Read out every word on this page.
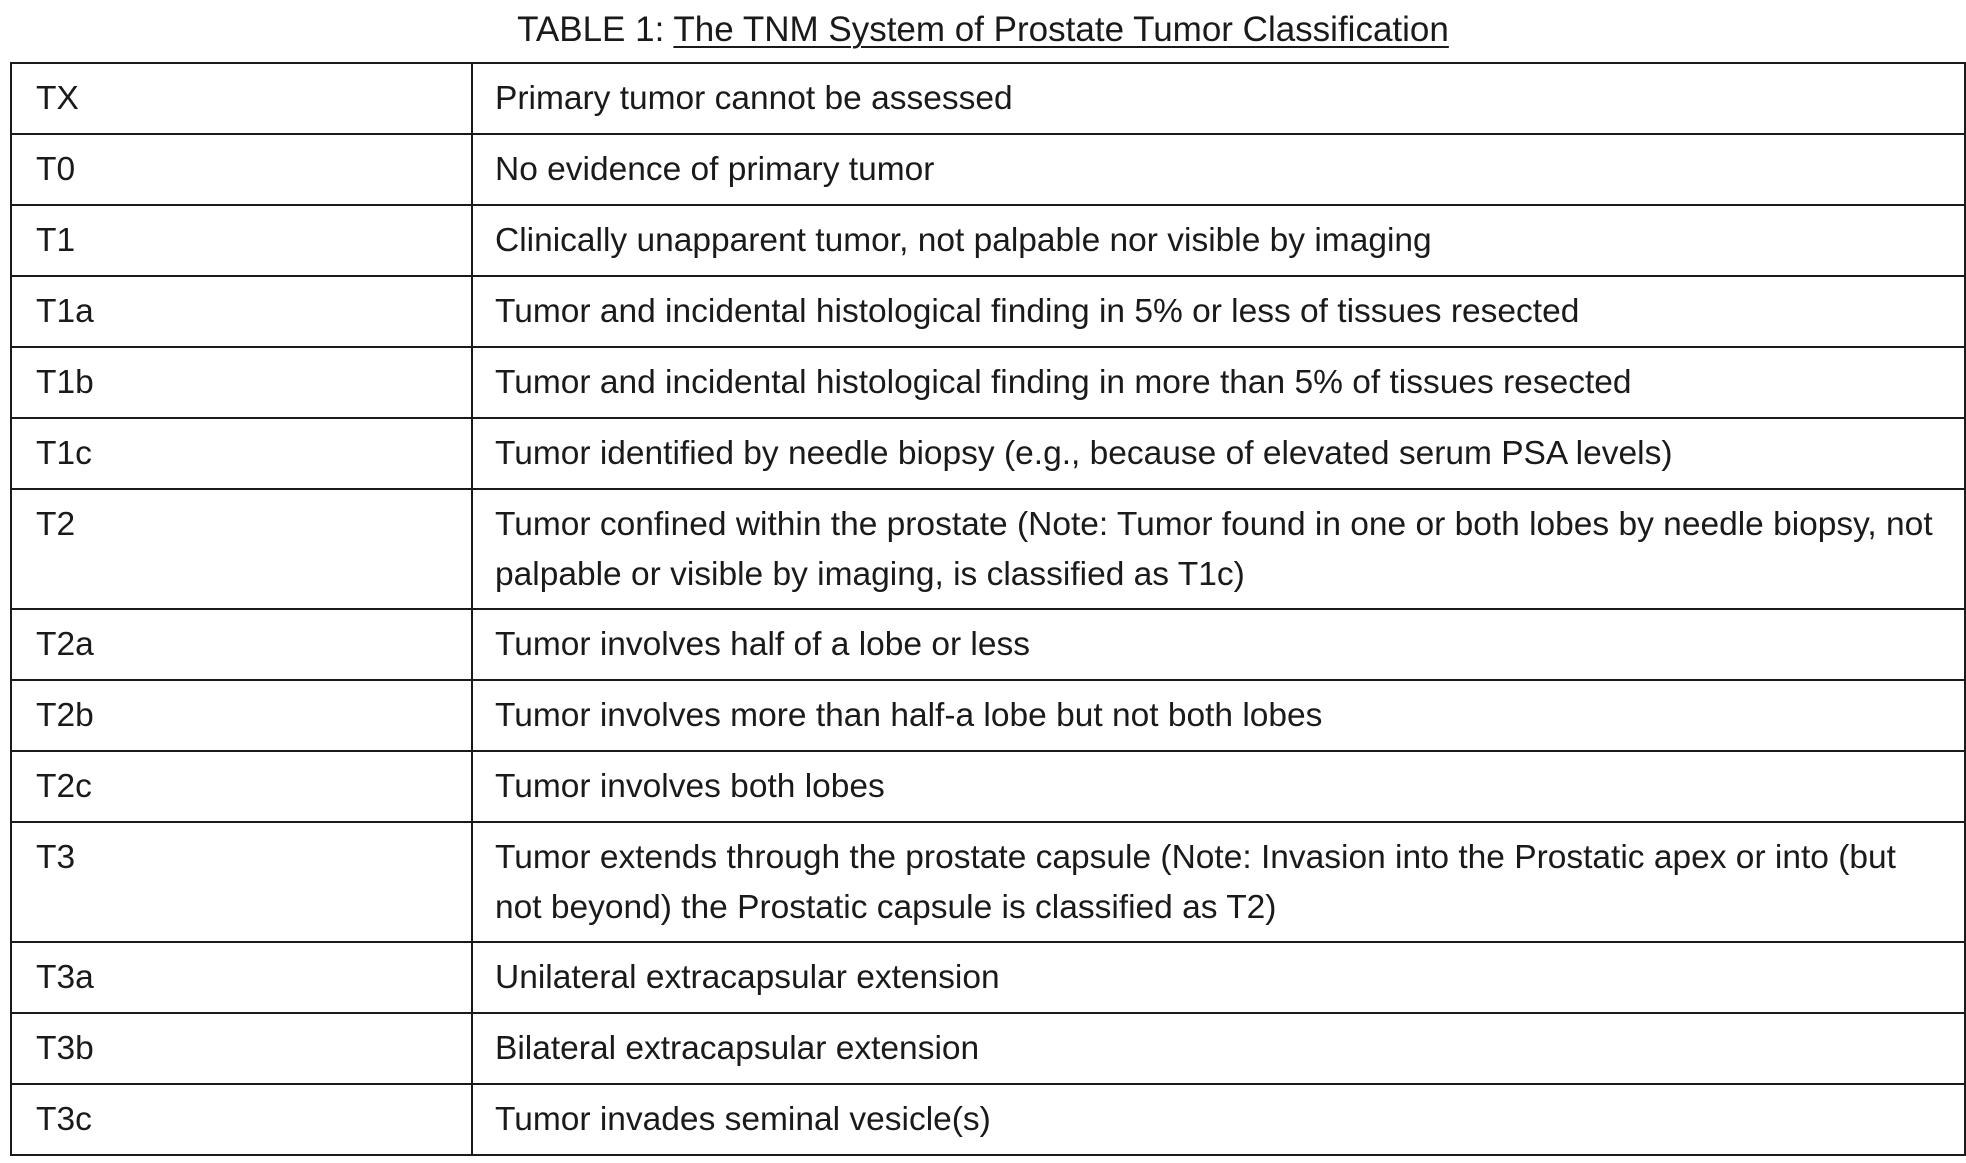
TABLE 1: The TNM System of Prostate Tumor Classification
TX	Primary tumor cannot be assessed
T0	No evidence of primary tumor
T1	Clinically unapparent tumor, not palpable nor visible by imaging
T1a	Tumor and incidental histological finding in 5% or less of tissues resected
T1b	Tumor and incidental histological finding in more than 5% of tissues resected
T1c	Tumor identified by needle biopsy (e.g., because of elevated serum PSA levels)
T2	Tumor confined within the prostate (Note: Tumor found in one or both lobes by needle biopsy, not palpable or visible by imaging, is classified as T1c)
T2a	Tumor involves half of a lobe or less
T2b	Tumor involves more than half-a lobe but not both lobes
T2c	Tumor involves both lobes
T3	Tumor extends through the prostate capsule (Note: Invasion into the Prostatic apex or into (but not beyond) the Prostatic capsule is classified as T2)
T3a	Unilateral extracapsular extension
T3b	Bilateral extracapsular extension
T3c	Tumor invades seminal vesicle(s)
